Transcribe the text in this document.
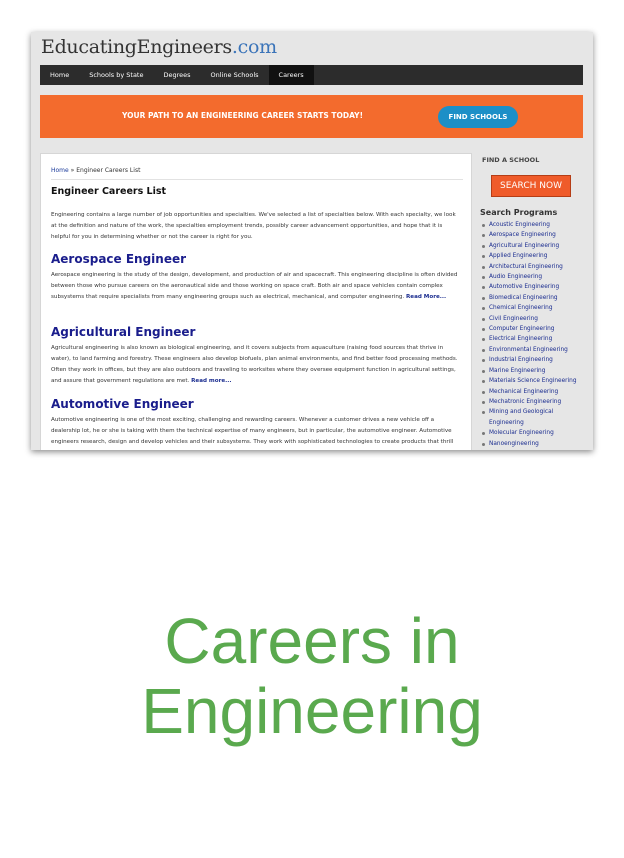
EducatingEngineers.com
Home	Schools by State	Degrees	Online Schools	Careers
YOUR PATH TO AN ENGINEERING CAREER STARTS TODAY!	FIND SCHOOLS
Home » Engineer Careers List
Engineer Careers List
Engineering contains a large number of job opportunities and specialties. We've selected a list of specialties below. With each specialty, we look at the definition and nature of the work, the specialties employment trends, possibly career advancement opportunities, and hope that it is helpful for you in determining whether or not the career is right for you.
Aerospace Engineer
Aerospace engineering is the study of the design, development, and production of air and spacecraft. This engineering discipline is often divided between those who pursue careers on the aeronautical side and those working on space craft. Both air and space vehicles contain complex subsystems that require specialists from many engineering groups such as electrical, mechanical, and computer engineering. Read More...
Agricultural Engineer
Agricultural engineering is also known as biological engineering, and it covers subjects from aquaculture (raising food sources that thrive in water), to land farming and forestry. These engineers also develop biofuels, plan animal environments, and find better food processing methods. Often they work in offices, but they are also outdoors and traveling to worksites where they oversee equipment function in agricultural settings, and assure that government regulations are met. Read more...
Automotive Engineer
Automotive engineering is one of the most exciting, challenging and rewarding careers. Whenever a customer drives a new vehicle off a dealership lot, he or she is taking with them the technical expertise of many engineers, but in particular, the automotive engineer. Automotive engineers research, design and develop vehicles and their subsystems. They work with sophisticated technologies to create products that thrill
FIND A SCHOOL
SEARCH NOW
Search Programs
Acoustic Engineering
Aerospace Engineering
Agricultural Engineering
Applied Engineering
Architectural Engineering
Audio Engineering
Automotive Engineering
Biomedical Engineering
Chemical Engineering
Civil Engineering
Computer Engineering
Electrical Engineering
Environmental Engineering
Industrial Engineering
Marine Engineering
Materials Science Engineering
Mechanical Engineering
Mechatronic Engineering
Mining and Geological Engineering
Molecular Engineering
Nanoengineering
Careers in
Engineering
